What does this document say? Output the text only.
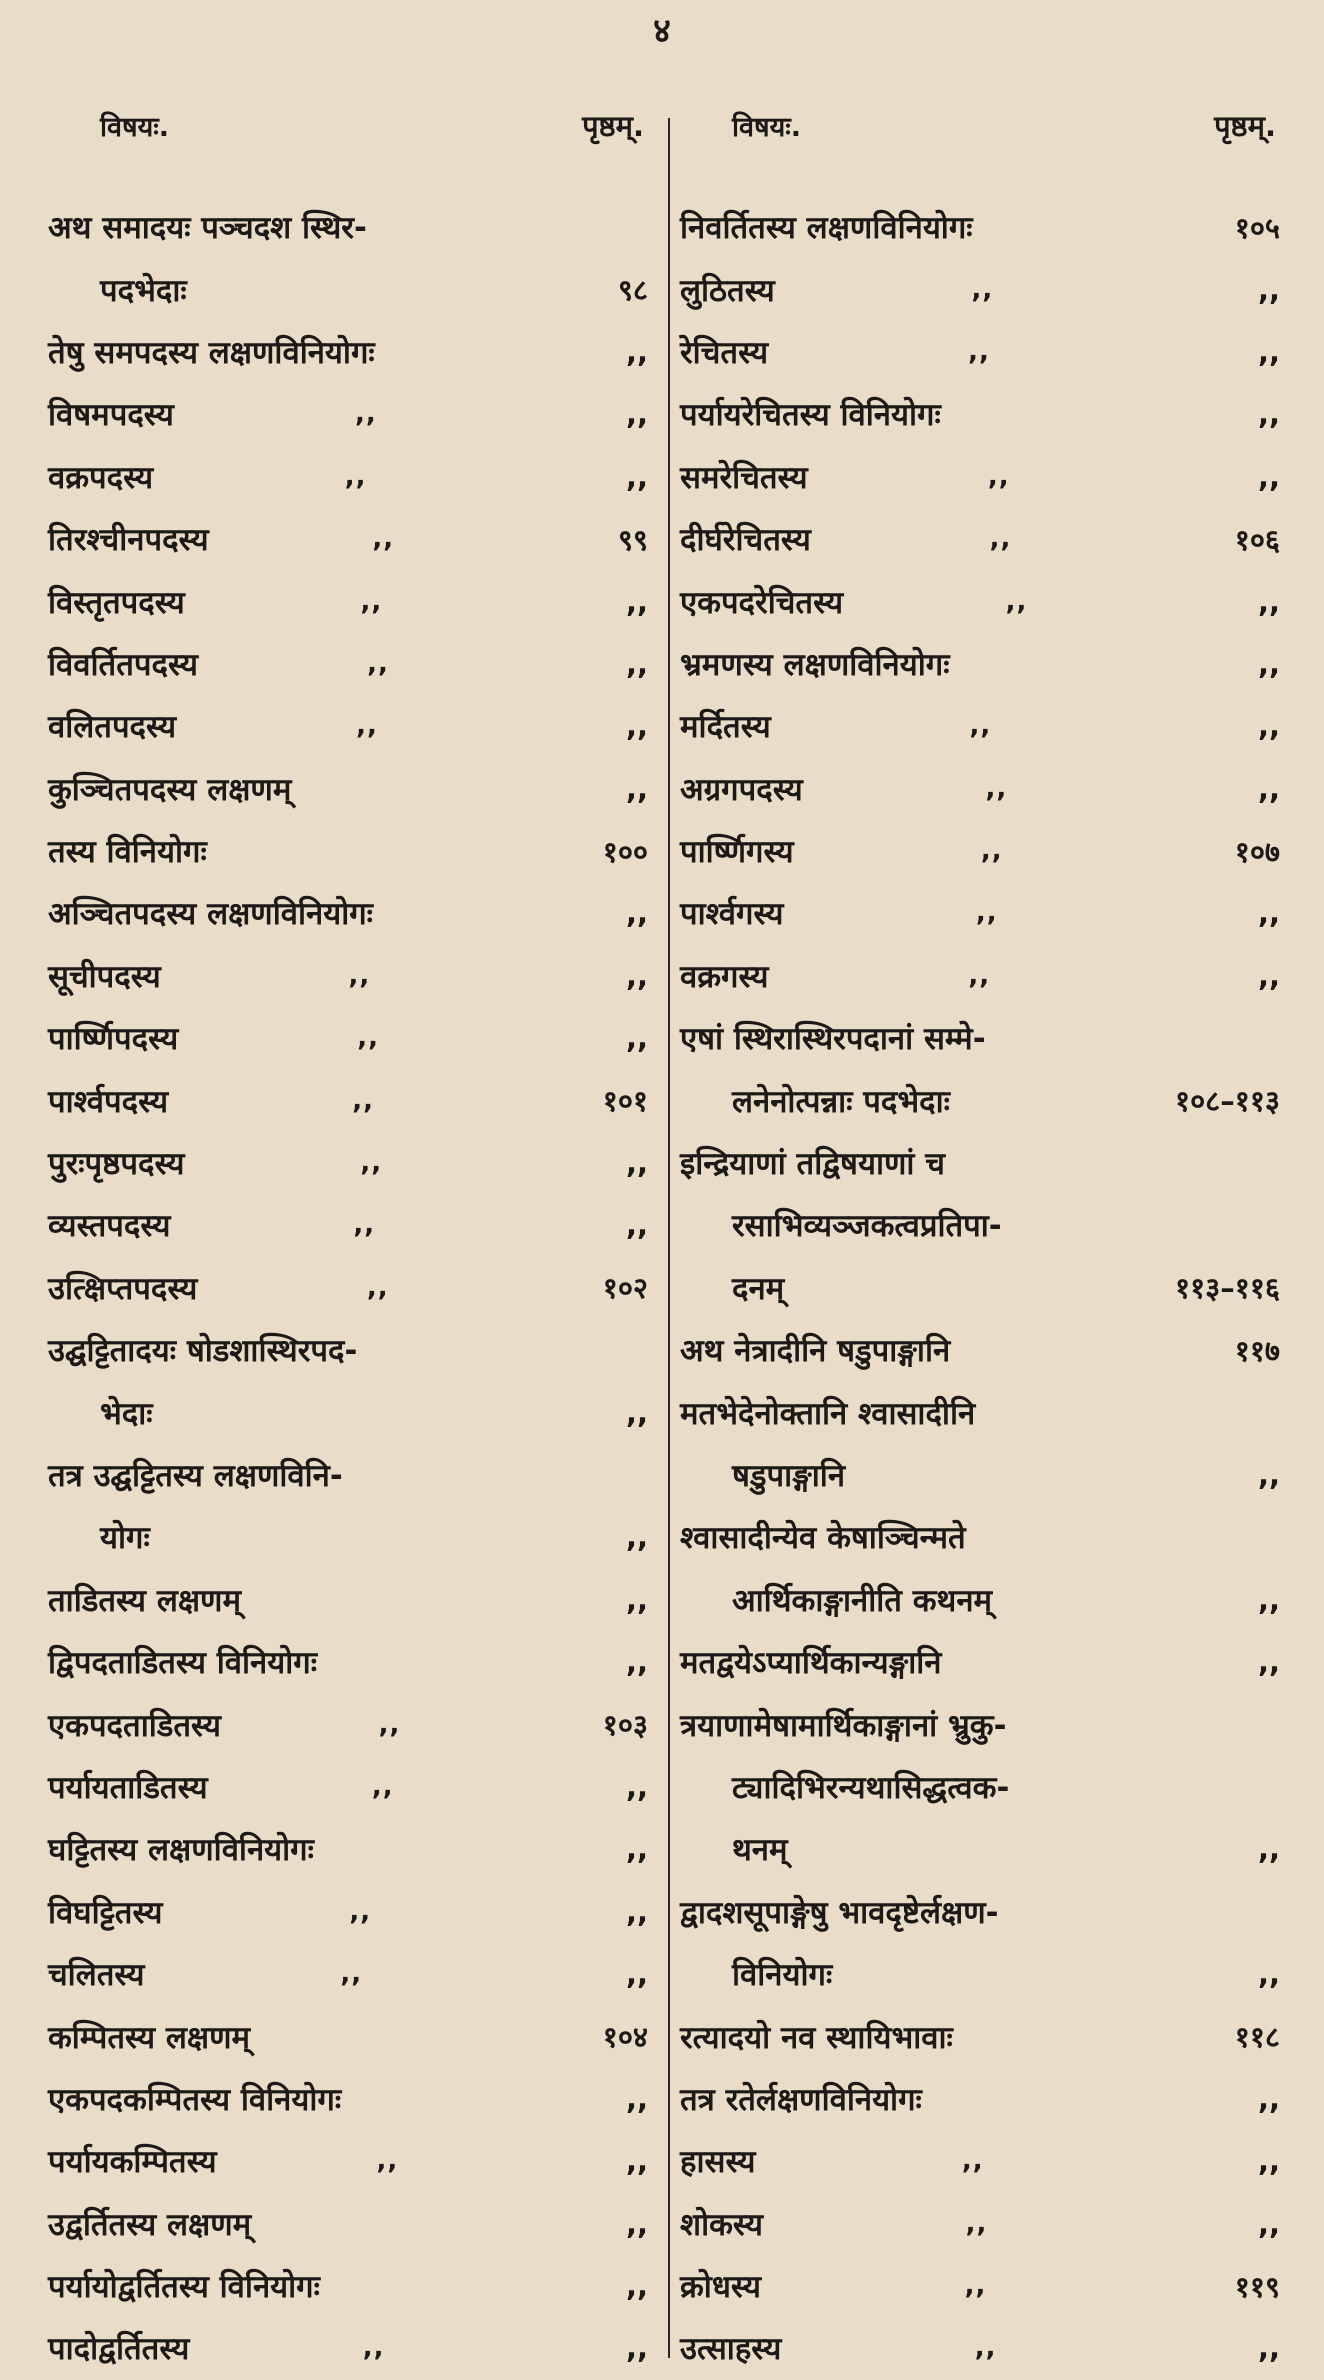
४
विषयः.	पृष्ठम्.
अथ समादयः पञ्चदश स्थिर-
पदभेदाः	९८
तेषु समपदस्य लक्षणविनियोगः	,,
विषमपदस्य	,,	,,
वक्रपदस्य	,,	,,
तिरश्चीनपदस्य	,,	९९
विस्तृतपदस्य	,,	,,
विवर्तितपदस्य	,,	,,
वलितपदस्य	,,	,,
कुञ्चितपदस्य लक्षणम्	,,
तस्य विनियोगः	१००
अञ्चितपदस्य लक्षणविनियोगः	,,
सूचीपदस्य	,,	,,
पार्ष्णिपदस्य	,,	,,
पार्श्वपदस्य	,,	१०१
पुरःपृष्ठपदस्य	,,	,,
व्यस्तपदस्य	,,	,,
उत्क्षिप्तपदस्य	,,	१०२
उद्घट्टितादयः षोडशास्थिरपद-
भेदाः	,,
तत्र उद्घट्टितस्य लक्षणविनि-
योगः	,,
ताडितस्य लक्षणम्	,,
द्विपदताडितस्य विनियोगः	,,
एकपदताडितस्य	,,	१०३
पर्यायताडितस्य	,,	,,
घट्टितस्य लक्षणविनियोगः	,,
विघट्टितस्य	,,	,,
चलितस्य	,,	,,
कम्पितस्य लक्षणम्	१०४
एकपदकम्पितस्य विनियोगः	,,
पर्यायकम्पितस्य	,,	,,
उद्वर्तितस्य लक्षणम्	,,
पर्यायोद्वर्तितस्य विनियोगः	,,
पादोद्वर्तितस्य	,,	,,
विषयः.	पृष्ठम्.
निवर्तितस्य लक्षणविनियोगः	१०५
लुठितस्य	,,	,,
रेचितस्य	,,	,,
पर्यायरेचितस्य विनियोगः	,,
समरेचितस्य	,,	,,
दीर्घरेचितस्य	,,	१०६
एकपदरेचितस्य	,,	,,
भ्रमणस्य लक्षणविनियोगः	,,
मर्दितस्य	,,	,,
अग्रगपदस्य	,,	,,
पार्ष्णिगस्य	,,	१०७
पार्श्वगस्य	,,	,,
वक्रगस्य	,,	,,
एषां स्थिरास्थिरपदानां सम्मे-
लनेनोत्पन्नाः पदभेदाः	१०८–११३
इन्द्रियाणां तद्विषयाणां च
रसाभिव्यञ्जकत्वप्रतिपा-
दनम्	११३–११६
अथ नेत्रादीनि षडुपाङ्गानि	११७
मतभेदेनोक्तानि श्वासादीनि
षडुपाङ्गानि	,,
श्वासादीन्येव केषाञ्चिन्मते
आर्थिकाङ्गानीति कथनम्	,,
मतद्वयेऽप्यार्थिकान्यङ्गानि	,,
त्रयाणामेषामार्थिकाङ्गानां भ्रुकु-
ट्यादिभिरन्यथासिद्धत्वक-
थनम्	,,
द्वादशसूपाङ्गेषु भावदृष्टेर्लक्षण-
विनियोगः	,,
रत्यादयो नव स्थायिभावाः	११८
तत्र रतेर्लक्षणविनियोगः	,,
हासस्य	,,	,,
शोकस्य	,,	,,
क्रोधस्य	,,	११९
उत्साहस्य	,,	,,
